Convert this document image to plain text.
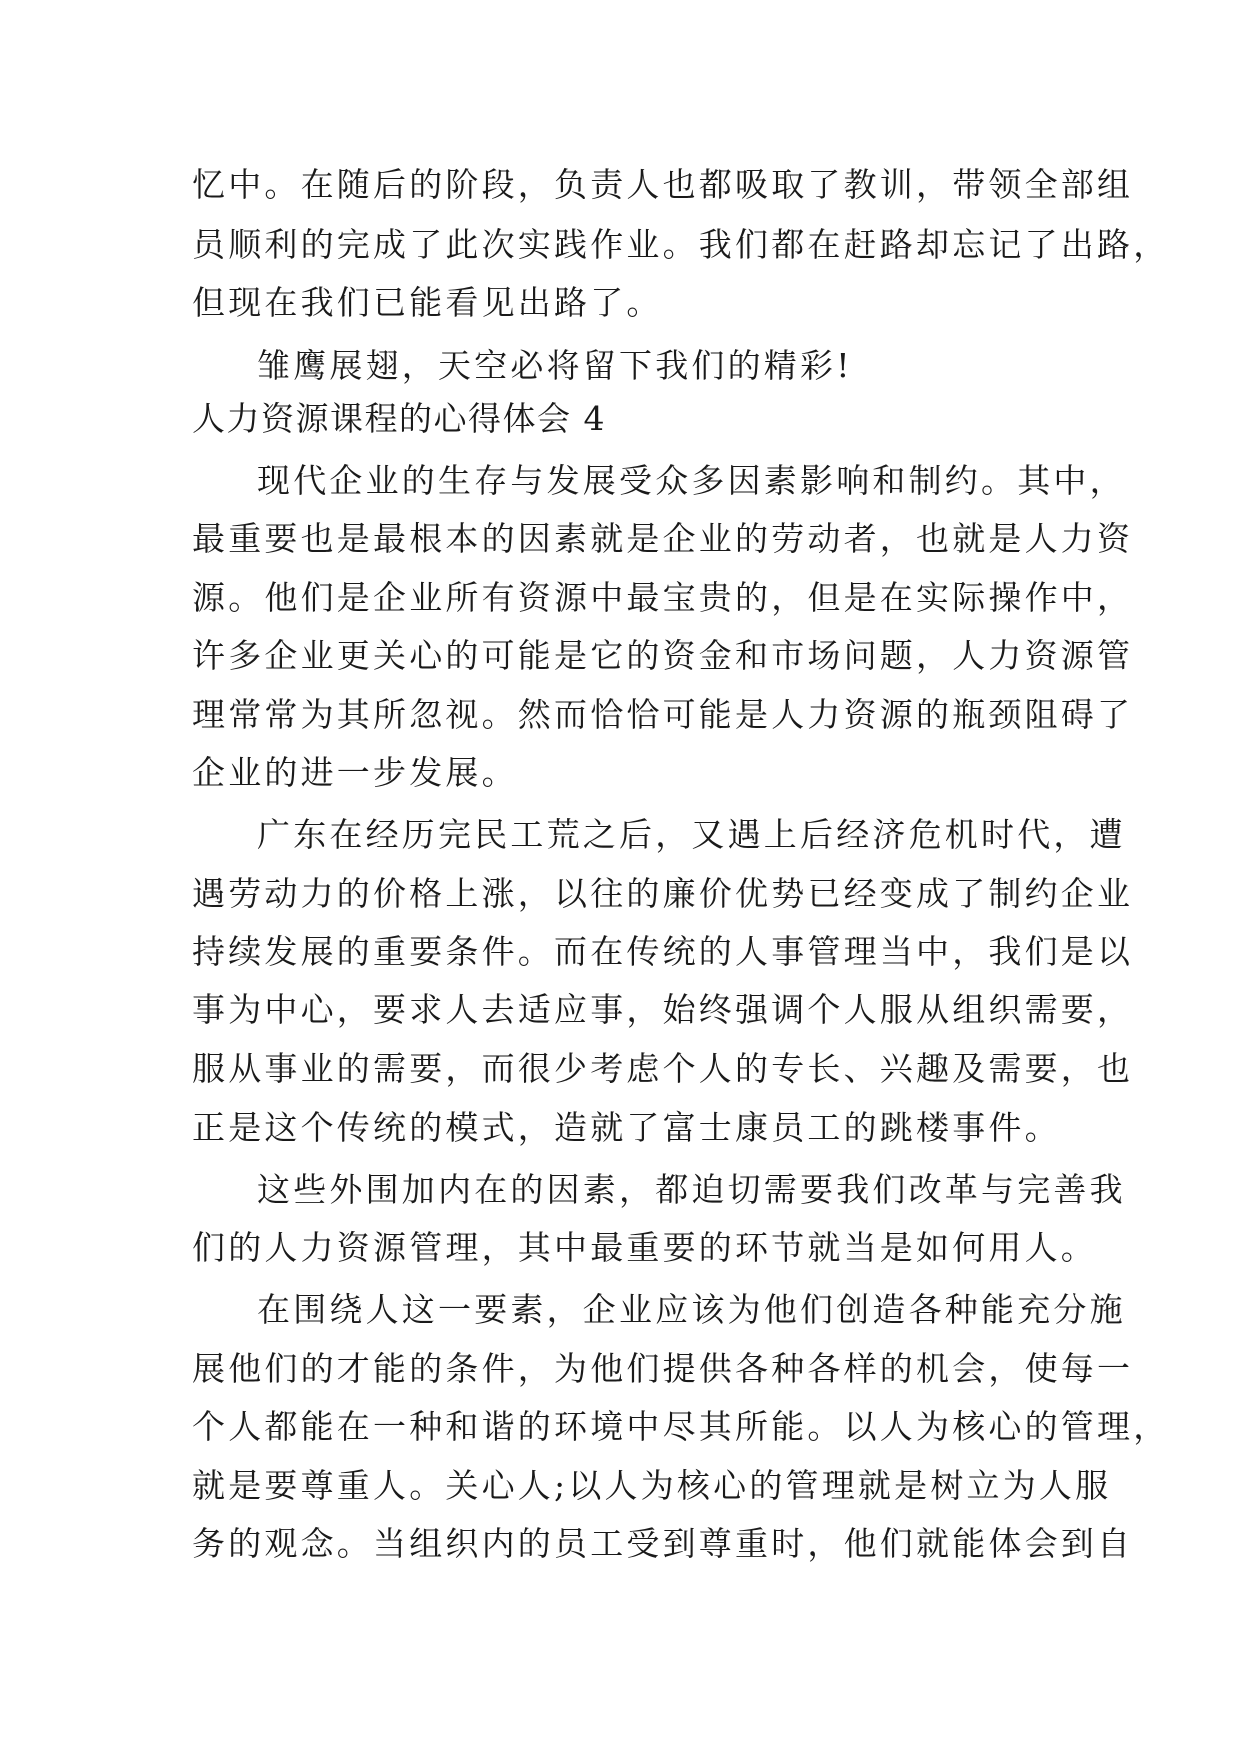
忆中。在随后的阶段，负责人也都吸取了教训，带领全部组
员顺利的完成了此次实践作业。我们都在赶路却忘记了出路，
但现在我们已能看见出路了。
雏鹰展翅，天空必将留下我们的精彩!
人力资源课程的心得体会 4
现代企业的生存与发展受众多因素影响和制约。其中，
最重要也是最根本的因素就是企业的劳动者，也就是人力资
源。他们是企业所有资源中最宝贵的，但是在实际操作中，
许多企业更关心的可能是它的资金和市场问题，人力资源管
理常常为其所忽视。然而恰恰可能是人力资源的瓶颈阻碍了
企业的进一步发展。
广东在经历完民工荒之后，又遇上后经济危机时代，遭
遇劳动力的价格上涨，以往的廉价优势已经变成了制约企业
持续发展的重要条件。而在传统的人事管理当中，我们是以
事为中心，要求人去适应事，始终强调个人服从组织需要，
服从事业的需要，而很少考虑个人的专长、兴趣及需要，也
正是这个传统的模式，造就了富士康员工的跳楼事件。
这些外围加内在的因素，都迫切需要我们改革与完善我
们的人力资源管理，其中最重要的环节就当是如何用人。
在围绕人这一要素，企业应该为他们创造各种能充分施
展他们的才能的条件，为他们提供各种各样的机会，使每一
个人都能在一种和谐的环境中尽其所能。以人为核心的管理，
就是要尊重人。关心人;以人为核心的管理就是树立为人服
务的观念。当组织内的员工受到尊重时，他们就能体会到自
